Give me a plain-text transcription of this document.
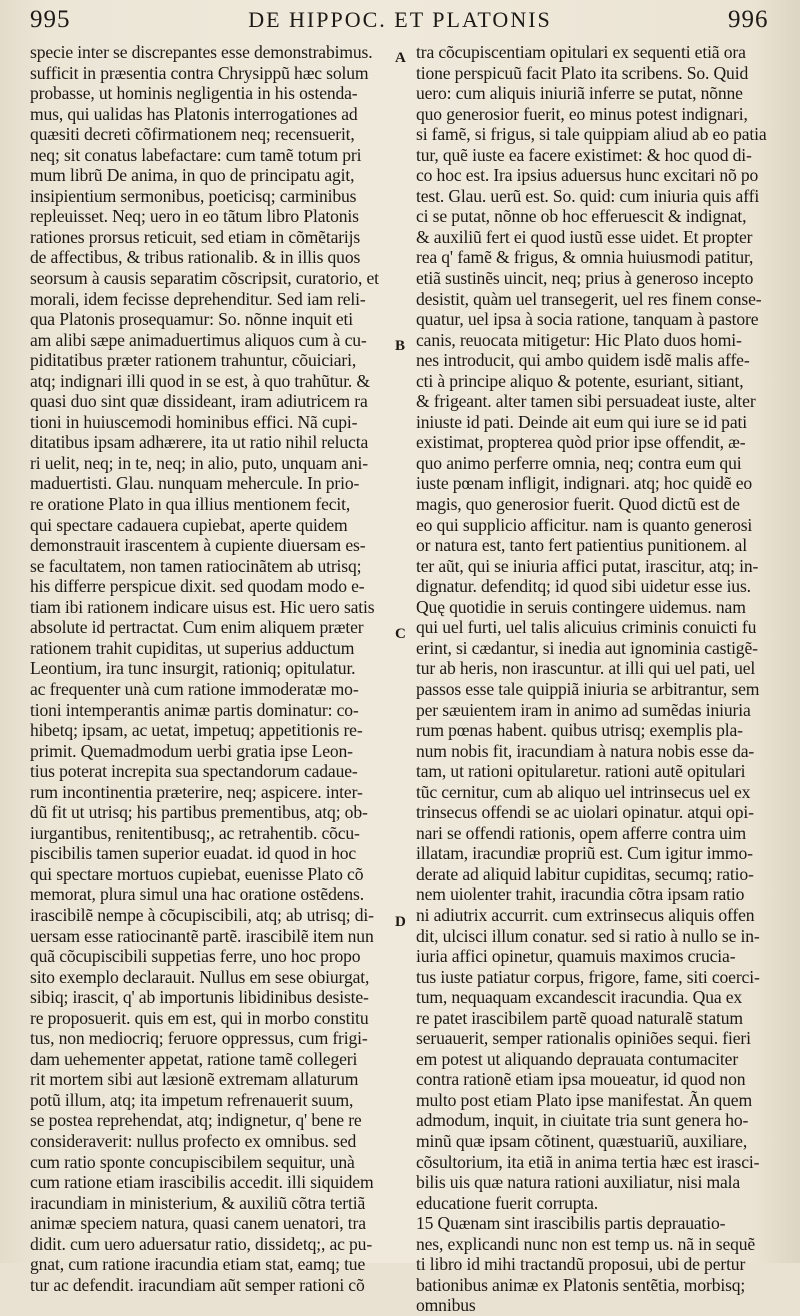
995	DE HIPPOC. ET PLATONIS	996
specie inter se discrepantes esse demonstrabimus.
sufficit in præsentia contra Chrysippũ hæc solum
probasse, ut hominis negligentia in his ostenda-
mus, qui ualidas has Platonis interrogationes ad
quæsiti decreti cõfirmationem neq; recensuerit,
neq; sit conatus labefactare: cum tamẽ totum pri
mum librũ De anima, in quo de principatu agit,
insipientium sermonibus, poeticisq; carminibus
repleuisset. Neq; uero in eo tãtum libro Platonis
rationes prorsus reticuit, sed etiam in cõmẽtarijs
de affectibus, & tribus rationalib. & in illis quos
seorsum à causis separatim cõscripsit, curatorio, et
morali, idem fecisse deprehenditur. Sed iam reli-
qua Platonis prosequamur: So. nõnne inquit eti
am alibi sæpe animaduertimus aliquos cum à cu-
piditatibus præter rationem trahuntur, cõuiciari,
atq; indignari illi quod in se est, à quo trahũtur. &
quasi duo sint quæ dissideant, iram adiutricem ra
tioni in huiuscemodi hominibus effici. Nã cupi-
ditatibus ipsam adhærere, ita ut ratio nihil relucta
ri uelit, neq; in te, neq; in alio, puto, unquam ani-
maduertisti. Glau. nunquam mehercule. In prio-
re oratione Plato in qua illius mentionem fecit,
qui spectare cadauera cupiebat, aperte quidem
demonstrauit irascentem à cupiente diuersam es-
se facultatem, non tamen ratiocinãtem ab utrisq;
his differre perspicue dixit. sed quodam modo e-
tiam ibi rationem indicare uisus est. Hic uero satis
absolute id pertractat. Cum enim aliquem præter
rationem trahit cupiditas, ut superius adductum
Leontium, ira tunc insurgit, rationiq; opitulatur.
ac frequenter unà cum ratione immoderatæ mo-
tioni intemperantis animæ partis dominatur: co-
hibetq; ipsam, ac uetat, impetuq; appetitionis re-
primit. Quemadmodum uerbi gratia ipse Leon-
tius poterat increpita sua spectandorum cadaue-
rum incontinentia præterire, neq; aspicere. inter-
dũ fit ut utrisq; his partibus prementibus, atq; ob-
iurgantibus, renitentibusq;, ac retrahentib. cõcu-
piscibilis tamen superior euadat. id quod in hoc
qui spectare mortuos cupiebat, euenisse Plato cõ
memorat, plura simul una hac oratione ostẽdens.
irascibilẽ nempe à cõcupiscibili, atq; ab utrisq; di-
uersam esse ratiocinantẽ partẽ. irascibilẽ item nun
quã cõcupiscibili suppetias ferre, uno hoc propo
sito exemplo declarauit. Nullus em sese obiurgat,
sibiq; irascit, q' ab importunis libidinibus desiste-
re proposuerit. quis em est, qui in morbo constitu
tus, non mediocriq; feruore oppressus, cum frigi-
dam uehementer appetat, ratione tamẽ collegeri
rit mortem sibi aut læsionẽ extremam allaturum
potũ illum, atq; ita impetum refrenauerit suum,
se postea reprehendat, atq; indignetur, q' bene re
consideraverit: nullus profecto ex omnibus. sed
cum ratio sponte concupiscibilem sequitur, unà
cum ratione etiam irascibilis accedit. illi siquidem
iracundiam in ministerium, & auxiliũ cõtra tertiã
animæ speciem natura, quasi canem uenatori, tra
didit. cum uero aduersatur ratio, dissidetq;, ac pu-
gnat, cum ratione iracundia etiam stat, eamq; tue
tur ac defendit. iracundiam aũt semper rationi cõ
tra cõcupiscentiam opitulari ex sequenti etiã ora
tione perspicuũ facit Plato ita scribens. So. Quid
uero: cum aliquis iniuriã inferre se putat, nõnne
quo generosior fuerit, eo minus potest indignari,
si famẽ, si frigus, si tale quippiam aliud ab eo patia
tur, quẽ iuste ea facere existimet: & hoc quod di-
co hoc est. Ira ipsius aduersus hunc excitari nõ po
test. Glau. uerũ est. So. quid: cum iniuria quis affi
ci se putat, nõnne ob hoc efferuescit & indignat,
& auxiliũ fert ei quod iustũ esse uidet. Et propter
rea q' famẽ & frigus, & omnia huiusmodi patitur,
etiã sustinẽs uincit, neq; prius à generoso incepto
desistit, quàm uel transegerit, uel res finem conse-
quatur, uel ipsa à socia ratione, tanquam à pastore
canis, reuocata mitigetur: Hic Plato duos homi-
nes introducit, qui ambo quidem isdẽ malis affe-
cti à principe aliquo & potente, esuriant, sitiant,
& frigeant. alter tamen sibi persuadeat iuste, alter
iniuste id pati. Deinde ait eum qui iure se id pati
existimat, propterea quòd prior ipse offendit, æ-
quo animo perferre omnia, neq; contra eum qui
iuste pœnam infligit, indignari. atq; hoc quidẽ eo
magis, quo generosior fuerit. Quod dictũ est de
eo qui supplicio afficitur. nam is quanto generosi
or natura est, tanto fert patientius punitionem. al
ter aũt, qui se iniuria affici putat, irascitur, atq; in-
dignatur. defenditq; id quod sibi uidetur esse ius.
Quę quotidie in seruis contingere uidemus. nam
qui uel furti, uel talis alicuius criminis conuicti fu
erint, si cædantur, si inedia aut ignominia castigẽ-
tur ab heris, non irascuntur. at illi qui uel pati, uel
passos esse tale quippiã iniuria se arbitrantur, sem
per sæuientem iram in animo ad sumẽdas iniuria
rum pœnas habent. quibus utrisq; exemplis pla-
num nobis fit, iracundiam à natura nobis esse da-
tam, ut rationi opitularetur. rationi autẽ opitulari
tũc cernitur, cum ab aliquo uel intrinsecus uel ex
trinsecus offendi se ac uiolari opinatur. atqui opi-
nari se offendi rationis, opem afferre contra uim
illatam, iracundiæ propriũ est. Cum igitur immo-
derate ad aliquid labitur cupiditas, secumq; ratio-
nem uiolenter trahit, iracundia cõtra ipsam ratio
ni adiutrix accurrit. cum extrinsecus aliquis offen
dit, ulcisci illum conatur. sed si ratio à nullo se in-
iuria affici opinetur, quamuis maximos crucia-
tus iuste patiatur corpus, frigore, fame, siti coerci-
tum, nequaquam excandescit iracundia. Qua ex
re patet irascibilem partẽ quoad naturalẽ statum
seruauerit, semper rationalis opiniões sequi. fieri
em potest ut aliquando deprauata contumaciter
contra rationẽ etiam ipsa moueatur, id quod non
multo post etiam Plato ipse manifestat. Ãn quem
admodum, inquit, in ciuitate tria sunt genera ho-
minũ quæ ipsam cõtinent, quæstuariũ, auxiliare,
cõsultorium, ita etiã in anima tertia hæc est irasci-
bilis uis quæ natura rationi auxiliatur, nisi mala
educatione fuerit corrupta.
15 Quænam sint irascibilis partis deprauatio-
nes, explicandi nunc non est temp us. nã in sequẽ
ti libro id mihi tractandũ proposui, ubi de pertur
bationibus animæ ex Platonis sentẽtia, morbisq;
omnibus
A
B
C
D
